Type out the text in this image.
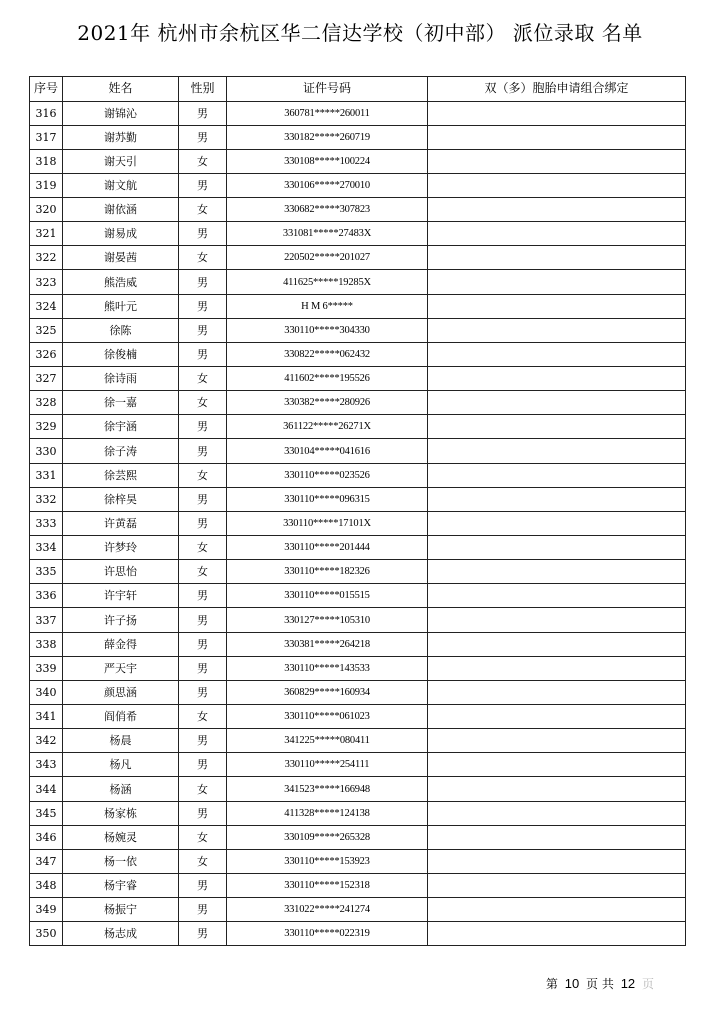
2021年 杭州市余杭区华二信达学校（初中部） 派位录取 名单
序号	姓名	性别	证件号码	双（多）胞胎申请组合绑定
316	谢锦沁	男	360781*****260011	
317	谢苏勤	男	330182*****260719	
318	谢天引	女	330108*****100224	
319	谢文航	男	330106*****270010	
320	谢依涵	女	330682*****307823	
321	谢易成	男	331081*****27483X	
322	谢晏茜	女	220502*****201027	
323	熊浩威	男	411625*****19285X	
324	熊叶元	男	H M 6*****	
325	徐陈	男	330110*****304330	
326	徐俊楠	男	330822*****062432	
327	徐诗雨	女	411602*****195526	
328	徐一嘉	女	330382*****280926	
329	徐宇涵	男	361122*****26271X	
330	徐子涛	男	330104*****041616	
331	徐芸熙	女	330110*****023526	
332	徐梓昊	男	330110*****096315	
333	许黄磊	男	330110*****17101X	
334	许梦玲	女	330110*****201444	
335	许思怡	女	330110*****182326	
336	许宇轩	男	330110*****015515	
337	许子扬	男	330127*****105310	
338	薛金得	男	330381*****264218	
339	严天宇	男	330110*****143533	
340	颜思涵	男	360829*****160934	
341	阎俏希	女	330110*****061023	
342	杨晨	男	341225*****080411	
343	杨凡	男	330110*****254111	
344	杨涵	女	341523*****166948	
345	杨家栋	男	411328*****124138	
346	杨婉灵	女	330109*****265328	
347	杨一依	女	330110*****153923	
348	杨宇睿	男	330110*****152318	
349	杨振宁	男	331022*****241274	
350	杨志成	男	330110*****022319	
第 10 页 共 12 页
